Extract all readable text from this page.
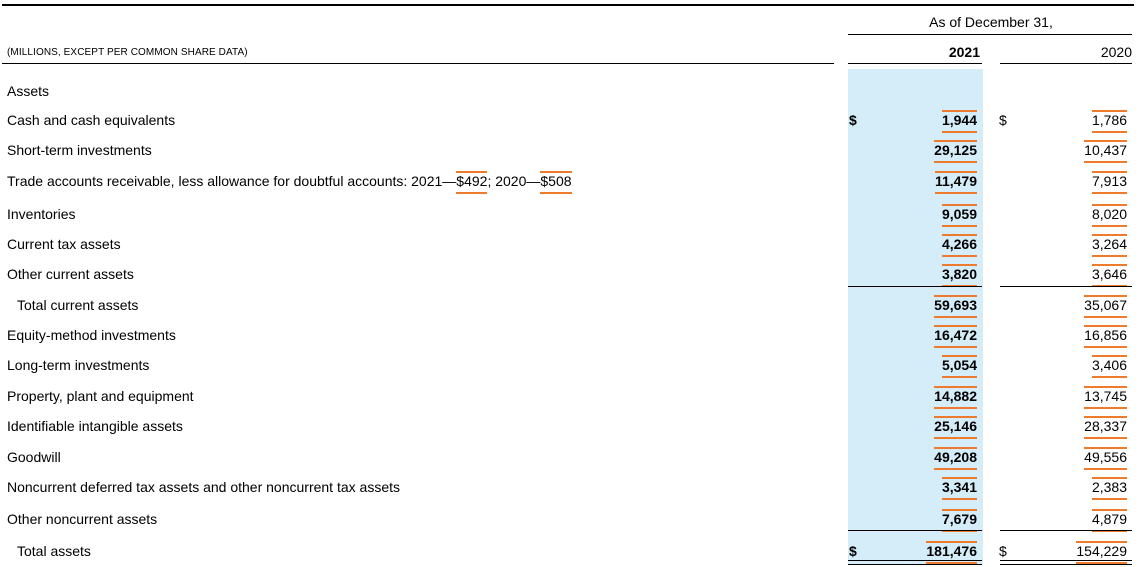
As of December 31,
(MILLIONS, EXCEPT PER COMMON SHARE DATA)	2021	2020
Assets
Cash and cash equivalents	$	1,944 $	1,786
Short-term investments	29,125	10,437
Trade accounts receivable, less allowance for doubtful accounts: 2021—$492; 2020—$508	11,479	7,913
Inventories	9,059	8,020
Current tax assets	4,266	3,264
Other current assets	3,820	3,646
Total current assets	59,693	35,067
Equity-method investments	16,472	16,856
Long-term investments	5,054	3,406
Property, plant and equipment	14,882	13,745
Identifiable intangible assets	25,146	28,337
Goodwill	49,208	49,556
Noncurrent deferred tax assets and other noncurrent tax assets	3,341	2,383
Other noncurrent assets	7,679	4,879
Total assets	$	181,476 $	154,229
